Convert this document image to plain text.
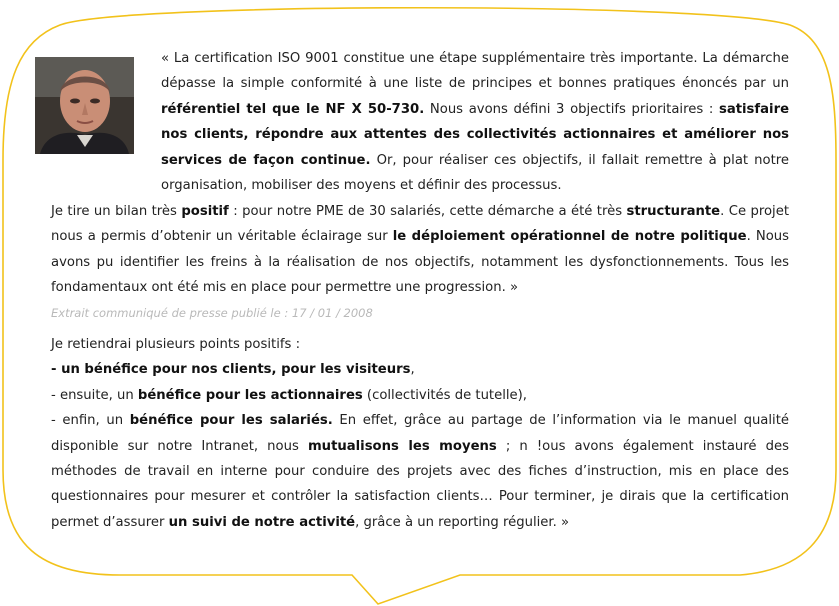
« La certification ISO 9001 constitue une étape supplémentaire très importante. La démarche dépasse la simple conformité à une liste de principes et bonnes pratiques énoncés par un référentiel tel que le NF X 50-730. Nous avons défini 3 objectifs prioritaires : satisfaire nos clients, répondre aux attentes des collectivités actionnaires et améliorer nos services de façon continue. Or, pour réaliser ces objectifs, il fallait remettre à plat notre organisation, mobiliser des moyens et définir des processus.

Je tire un bilan très positif : pour notre PME de 30 salariés, cette démarche a été très structurante. Ce projet nous a permis d’obtenir un véritable éclairage sur le déploiement opérationnel de notre politique. Nous avons pu identifier les freins à la réalisation de nos objectifs, notamment les dysfonctionnements. Tous les fondamentaux ont été mis en place pour permettre une progression. »

Extrait communiqué de presse publié le : 17 / 01 / 2008

Je retiendrai plusieurs points positifs :

- un bénéfice pour nos clients, pour les visiteurs,

- ensuite, un bénéfice pour les actionnaires (collectivités de tutelle),

- enfin, un bénéfice pour les salariés. En effet, grâce au partage de l’information via le manuel qualité disponible sur notre Intranet, nous mutualisons les moyens ; n !ous avons également instauré des méthodes de travail en interne pour conduire des projets avec des fiches d’instruction, mis en place des questionnaires pour mesurer et contrôler la satisfaction clients… Pour terminer, je dirais que la certification permet d’assurer un suivi de notre activité, grâce à un reporting régulier. »
